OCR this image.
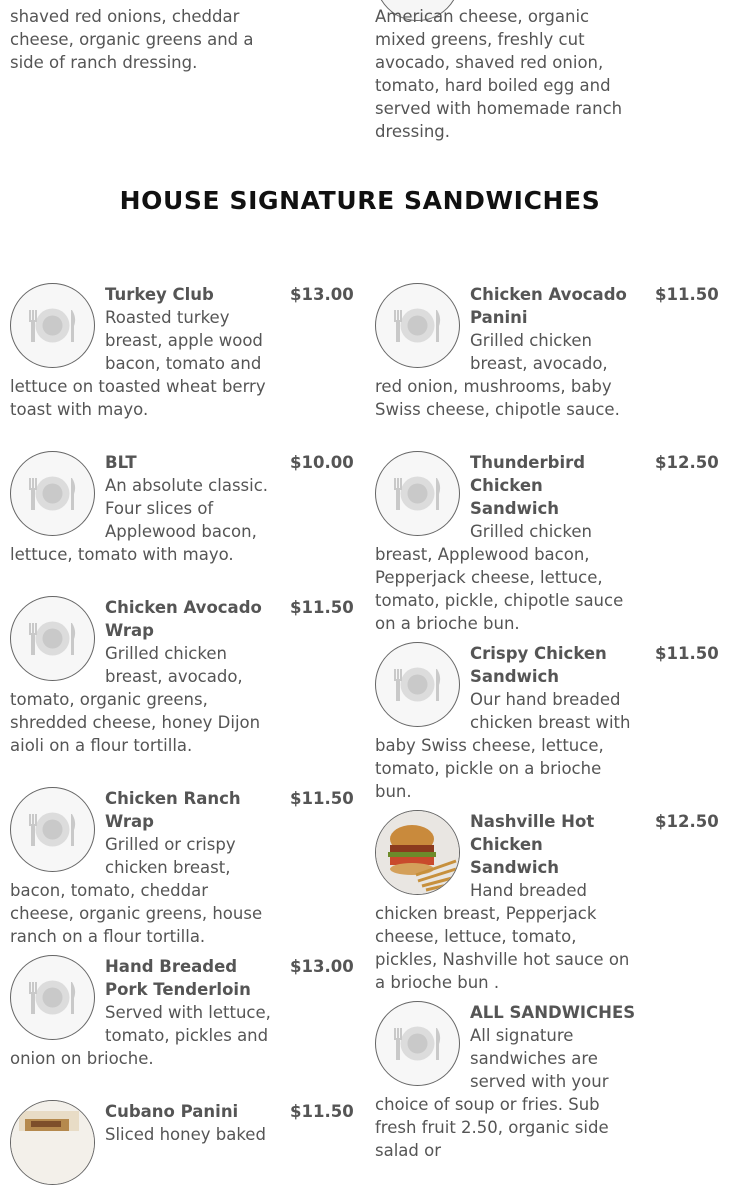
shaved red onions, cheddar cheese, organic greens and a side of ranch dressing.
American cheese, organic mixed greens, freshly cut avocado, shaved red onion, tomato, hard boiled egg and served with homemade ranch dressing.
HOUSE SIGNATURE SANDWICHES
$13.00
Turkey Club
Roasted turkey breast, apple wood bacon, tomato and lettuce on toasted wheat berry toast with mayo.
$10.00
BLT
An absolute classic. Four slices of Applewood bacon, lettuce, tomato with mayo.
$11.50
Chicken Avocado Wrap
Grilled chicken breast, avocado, tomato, organic greens, shredded cheese, honey Dijon aioli on a flour tortilla.
$11.50
Chicken Ranch Wrap
Grilled or crispy chicken breast, bacon, tomato, cheddar cheese, organic greens, house ranch on a flour tortilla.
$13.00
Hand Breaded Pork Tenderloin
Served with lettuce, tomato, pickles and onion on brioche.
$11.50
Cubano Panini
Sliced honey baked
$11.50
Chicken Avocado Panini
Grilled chicken breast, avocado, red onion, mushrooms, baby Swiss cheese, chipotle sauce.
$12.50
Thunderbird Chicken Sandwich
Grilled chicken breast, Applewood bacon, Pepperjack cheese, lettuce, tomato, pickle, chipotle sauce on a brioche bun.
$11.50
Crispy Chicken Sandwich
Our hand breaded chicken breast with baby Swiss cheese, lettuce, tomato, pickle on a brioche bun.
$12.50
Nashville Hot Chicken Sandwich
Hand breaded chicken breast, Pepperjack cheese, lettuce, tomato, pickles, Nashville hot sauce on a brioche bun .
ALL SANDWICHES
All signature sandwiches are served with your choice of soup or fries. Sub fresh fruit 2.50, organic side salad or
